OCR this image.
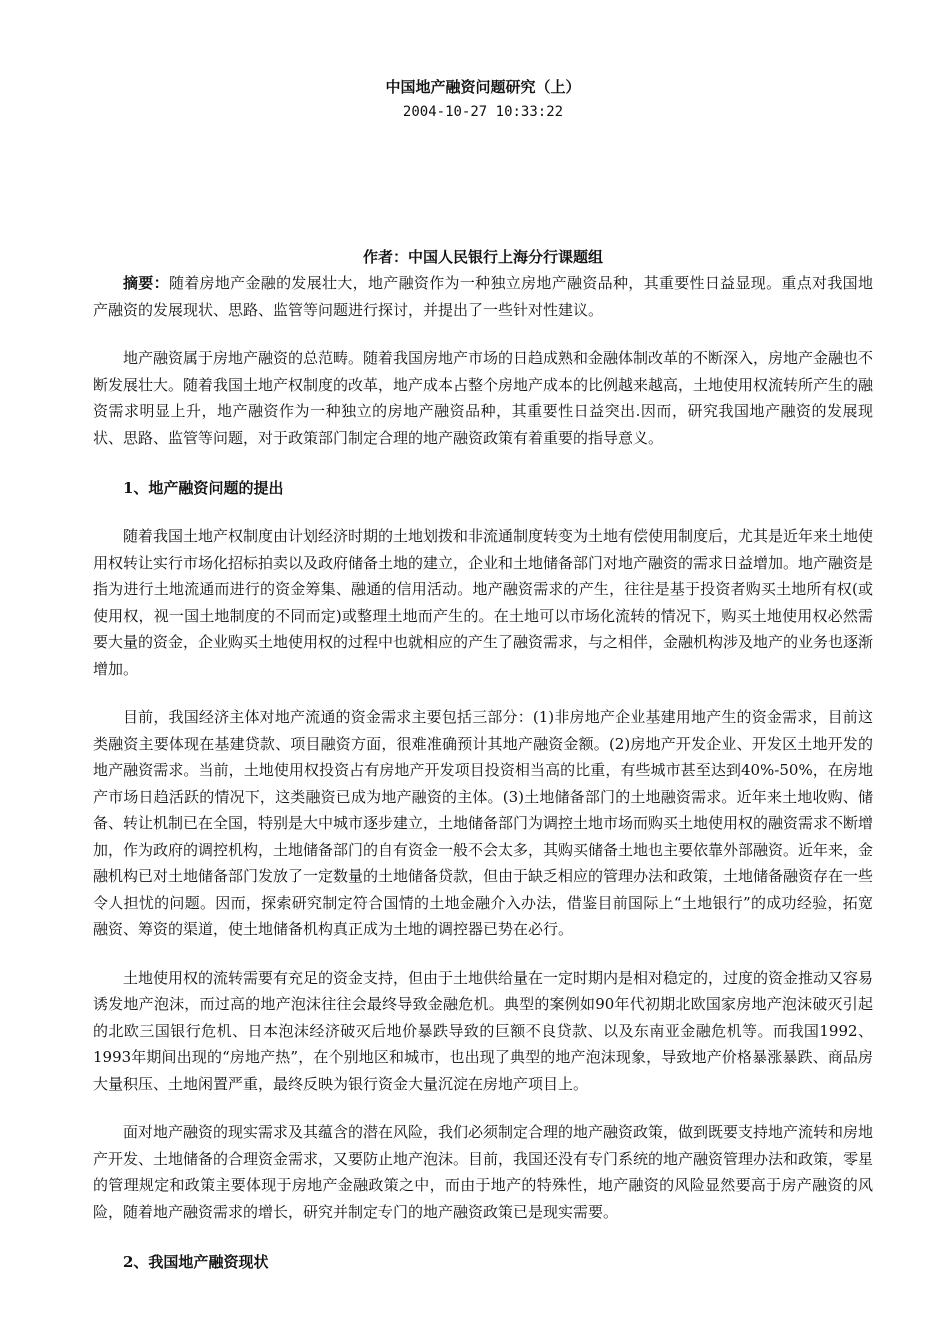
中国地产融资问题研究（上）

2004-10-27 10:33:22

作者：中国人民银行上海分行课题组

摘要：随着房地产金融的发展壮大，地产融资作为一种独立房地产融资品种，其重要性日益显现。重点对我国地产融资的发展现状、思路、监管等问题进行探讨，并提出了一些针对性建议。

地产融资属于房地产融资的总范畴。随着我国房地产市场的日趋成熟和金融体制改革的不断深入，房地产金融也不断发展壮大。随着我国土地产权制度的改革，地产成本占整个房地产成本的比例越来越高，土地使用权流转所产生的融资需求明显上升，地产融资作为一种独立的房地产融资品种，其重要性日益突出.因而，研究我国地产融资的发展现状、思路、监管等问题，对于政策部门制定合理的地产融资政策有着重要的指导意义。

1、地产融资问题的提出

随着我国土地产权制度由计划经济时期的土地划拨和非流通制度转变为土地有偿使用制度后，尤其是近年来土地使用权转让实行市场化招标拍卖以及政府储备土地的建立，企业和土地储备部门对地产融资的需求日益增加。地产融资是指为进行土地流通而进行的资金筹集、融通的信用活动。地产融资需求的产生，往往是基于投资者购买土地所有权(或使用权，视一国土地制度的不同而定)或整理土地而产生的。在土地可以市场化流转的情况下，购买土地使用权必然需要大量的资金，企业购买土地使用权的过程中也就相应的产生了融资需求，与之相伴，金融机构涉及地产的业务也逐渐增加。

目前，我国经济主体对地产流通的资金需求主要包括三部分：(1)非房地产企业基建用地产生的资金需求，目前这类融资主要体现在基建贷款、项目融资方面，很难准确预计其地产融资金额。(2)房地产开发企业、开发区土地开发的地产融资需求。当前，土地使用权投资占有房地产开发项目投资相当高的比重，有些城市甚至达到40%-50%，在房地产市场日趋活跃的情况下，这类融资已成为地产融资的主体。(3)土地储备部门的土地融资需求。近年来土地收购、储备、转让机制已在全国，特别是大中城市逐步建立，土地储备部门为调控土地市场而购买土地使用权的融资需求不断增加，作为政府的调控机构，土地储备部门的自有资金一般不会太多，其购买储备土地也主要依靠外部融资。近年来，金融机构已对土地储备部门发放了一定数量的土地储备贷款，但由于缺乏相应的管理办法和政策，土地储备融资存在一些令人担忧的问题。因而，探索研究制定符合国情的土地金融介入办法，借鉴目前国际上“土地银行”的成功经验，拓宽融资、筹资的渠道，使土地储备机构真正成为土地的调控器已势在必行。

土地使用权的流转需要有充足的资金支持，但由于土地供给量在一定时期内是相对稳定的，过度的资金推动又容易诱发地产泡沫，而过高的地产泡沫往往会最终导致金融危机。典型的案例如90年代初期北欧国家房地产泡沫破灭引起的北欧三国银行危机、日本泡沫经济破灭后地价暴跌导致的巨额不良贷款、以及东南亚金融危机等。而我国1992、1993年期间出现的“房地产热”，在个别地区和城市，也出现了典型的地产泡沫现象，导致地产价格暴涨暴跌、商品房大量积压、土地闲置严重，最终反映为银行资金大量沉淀在房地产项目上。

面对地产融资的现实需求及其蕴含的潜在风险，我们必须制定合理的地产融资政策，做到既要支持地产流转和房地产开发、土地储备的合理资金需求，又要防止地产泡沫。目前，我国还没有专门系统的地产融资管理办法和政策，零星的管理规定和政策主要体现于房地产金融政策之中，而由于地产的特殊性，地产融资的风险显然要高于房产融资的风险，随着地产融资需求的增长，研究并制定专门的地产融资政策已是现实需要。

2、我国地产融资现状
